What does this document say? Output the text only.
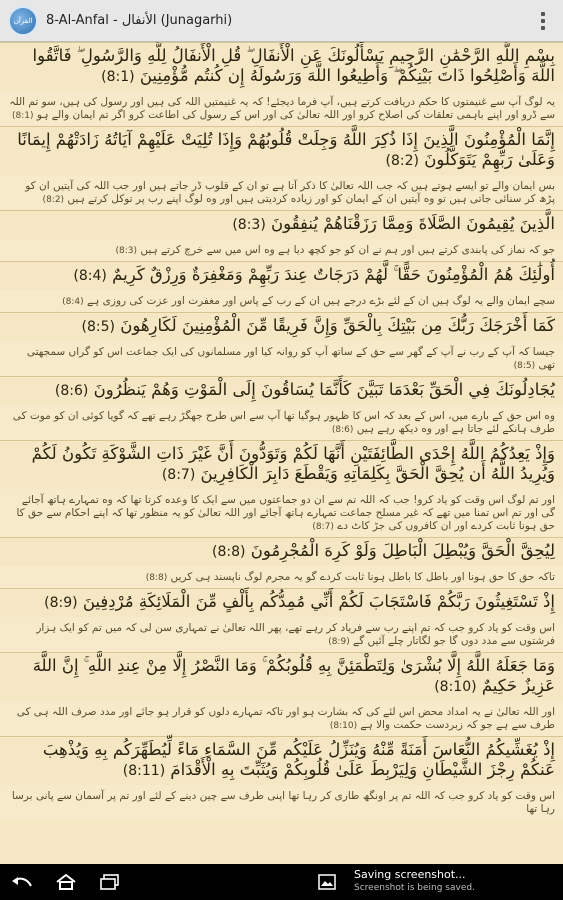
القرآن 8-Al-Anfal - الأنفال (Junagarhi)
بِسْمِ اللَّهِ الرَّحْمَٰنِ الرَّحِيمِ يَسْأَلُونَكَ عَنِ الْأَنفَالِ ۖ قُلِ الْأَنفَالُ لِلَّهِ وَالرَّسُولِ ۖ فَاتَّقُوا اللَّهَ وَأَصْلِحُوا ذَاتَ بَيْنِكُمْ ۖ وَأَطِيعُوا اللَّهَ وَرَسُولَهُ إِن كُنتُم مُّؤْمِنِينَ (8:1)
یہ لوگ آپ سے غنیمتوں کا حکم دریافت کرتے ہیں، آپ فرما دیجئے! کہ یہ غنیمتیں اللہ کی ہیں اور رسول کی ہیں، سو تم اللہ سے ڈرو اور اپنے باہمی تعلقات کی اصلاح کرو اور اللہ تعالیٰ کی اور اس کے رسول کی اطاعت کرو اگر تم ایمان والے ہو (8:1)
إِنَّمَا الْمُؤْمِنُونَ الَّذِينَ إِذَا ذُكِرَ اللَّهُ وَجِلَتْ قُلُوبُهُمْ وَإِذَا تُلِيَتْ عَلَيْهِمْ آيَاتُهُ زَادَتْهُمْ إِيمَانًا وَعَلَىٰ رَبِّهِمْ يَتَوَكَّلُونَ (8:2)
بس ایمان والے تو ایسے ہوتے ہیں کہ جب اللہ تعالیٰ کا ذکر آتا ہے تو ان کے قلوب ڈر جاتے ہیں اور جب اللہ کی آیتیں ان کو پڑھ کر سنائی جاتی ہیں تو وه آیتیں ان کے ایمان کو اور زیاده کردیتی ہیں اور وه لوگ اپنے رب پر توکل کرتے ہیں (8:2)
الَّذِينَ يُقِيمُونَ الصَّلَاةَ وَمِمَّا رَزَقْنَاهُمْ يُنفِقُونَ (8:3)
جو کہ نماز کی پابندی کرتے ہیں اور ہم نے ان کو جو کچھ دیا ہے وه اس میں سے خرچ کرتے ہیں (8:3)
أُولَٰئِكَ هُمُ الْمُؤْمِنُونَ حَقًّا ۚ لَّهُمْ دَرَجَاتٌ عِندَ رَبِّهِمْ وَمَغْفِرَةٌ وَرِزْقٌ كَرِيمٌ (8:4)
سچے ایمان والے یہ لوگ ہیں ان کے لئے بڑے درجے ہیں ان کے رب کے پاس اور مغفرت اور عزت کی روزی ہے (8:4)
كَمَا أَخْرَجَكَ رَبُّكَ مِن بَيْتِكَ بِالْحَقِّ وَإِنَّ فَرِيقًا مِّنَ الْمُؤْمِنِينَ لَكَارِهُونَ (8:5)
جیسا کہ آپ کے رب نے آپ کے گھر سے حق کے ساتھ آپ کو روانہ کیا اور مسلمانوں کی ایک جماعت اس کو گراں سمجھتی تھی (8:5)
يُجَادِلُونَكَ فِي الْحَقِّ بَعْدَمَا تَبَيَّنَ كَأَنَّمَا يُسَاقُونَ إِلَى الْمَوْتِ وَهُمْ يَنظُرُونَ (8:6)
وه اس حق کے بارے میں، اس کے بعد کہ اس کا ظہور ہوگیا تھا آپ سے اس طرح جھگڑ رہے تھے کہ گویا کوئی ان کو موت کی طرف ہانکے لئے جاتا ہے اور وه دیکھ رہے ہیں (8:6)
وَإِذْ يَعِدُكُمُ اللَّهُ إِحْدَى الطَّائِفَتَيْنِ أَنَّهَا لَكُمْ وَتَوَدُّونَ أَنَّ غَيْرَ ذَاتِ الشَّوْكَةِ تَكُونُ لَكُمْ وَيُرِيدُ اللَّهُ أَن يُحِقَّ الْحَقَّ بِكَلِمَاتِهِ وَيَقْطَعَ دَابِرَ الْكَافِرِينَ (8:7)
اور تم لوگ اس وقت کو یاد کرو! جب کہ اللہ تم سے ان دو جماعتوں میں سے ایک کا وعده کرتا تھا کہ وه تمہارے ہاتھ آجائے گی اور تم اس تمنا میں تھے کہ غیر مسلح جماعت تمہارے ہاتھ آجائے اور اللہ تعالیٰ کو یہ منظور تھا کہ اپنے احکام سے حق کا حق ہونا ثابت کردے اور ان کافروں کی جڑ کاٹ دے (8:7)
لِيُحِقَّ الْحَقَّ وَيُبْطِلَ الْبَاطِلَ وَلَوْ كَرِهَ الْمُجْرِمُونَ (8:8)
تاکہ حق کا حق ہونا اور باطل کا باطل ہونا ثابت کردے گو یہ مجرم لوگ ناپسند ہی کریں (8:8)
إِذْ تَسْتَغِيثُونَ رَبَّكُمْ فَاسْتَجَابَ لَكُمْ أَنِّي مُمِدُّكُم بِأَلْفٍ مِّنَ الْمَلَائِكَةِ مُرْدِفِينَ (8:9)
اس وقت کو یاد کرو جب کہ تم اپنے رب سے فریاد کر رہے تھے، پھر اللہ تعالیٰ نے تمہاری سن لی کہ میں تم کو ایک ہزار فرشتوں سے مدد دوں گا جو لگاتار چلے آئیں گے (8:9)
وَمَا جَعَلَهُ اللَّهُ إِلَّا بُشْرَىٰ وَلِتَطْمَئِنَّ بِهِ قُلُوبُكُمْ ۚ وَمَا النَّصْرُ إِلَّا مِنْ عِندِ اللَّهِ ۚ إِنَّ اللَّهَ عَزِيزٌ حَكِيمٌ (8:10)
اور اللہ تعالیٰ نے یہ امداد محض اس لئے کی کہ بشارت ہو اور تاکہ تمہارے دلوں کو قرار ہو جائے اور مدد صرف اللہ ہی کی طرف سے ہے جو کہ زبردست حکمت والا ہے (8:10)
إِذْ يُغَشِّيكُمُ النُّعَاسَ أَمَنَةً مِّنْهُ وَيُنَزِّلُ عَلَيْكُم مِّنَ السَّمَاءِ مَاءً لِّيُطَهِّرَكُم بِهِ وَيُذْهِبَ عَنكُمْ رِجْزَ الشَّيْطَانِ وَلِيَرْبِطَ عَلَىٰ قُلُوبِكُمْ وَيُثَبِّتَ بِهِ الْأَقْدَامَ (8:11)
اس وقت کو یاد کرو جب کہ اللہ تم پر اونگھ طاری کر رہا تھا اپنی طرف سے چین دینے کے لئے اور تم پر آسمان سے پانی برسا رہا تھا
Saving screenshot...
Screenshot is being saved.
